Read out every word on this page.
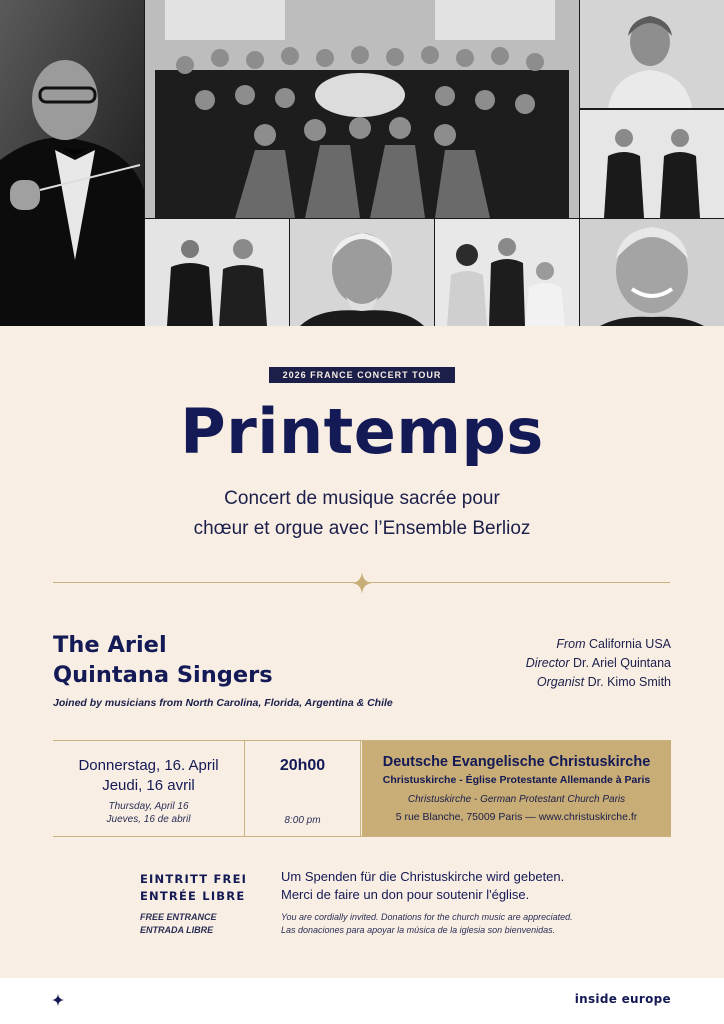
2026 FRANCE CONCERT TOUR
Printemps
Concert de musique sacrée pour
chœur et orgue avec l’Ensemble Berlioz
The Ariel
Quintana Singers
Joined by musicians from North Carolina, Florida, Argentina & Chile
From California USA
Director Dr. Ariel Quintana
Organist Dr. Kimo Smith
Donnerstag, 16. April
Jeudi, 16 avril
Thursday, April 16
Jueves, 16 de abril
20h00
8:00 pm
Deutsche Evangelische Christuskirche
Christuskirche - Église Protestante Allemande à Paris
Christuskirche - German Protestant Church Paris
5 rue Blanche, 75009 Paris — www.christuskirche.fr
EINTRITT FREI
ENTRÉE LIBRE
FREE ENTRANCE
ENTRADA LIBRE
Um Spenden für die Christuskirche wird gebeten.
Merci de faire un don pour soutenir l'église.
You are cordially invited. Donations for the church music are appreciated.
Las donaciones para apoyar la música de la iglesia son bienvenidas.
inside europe
